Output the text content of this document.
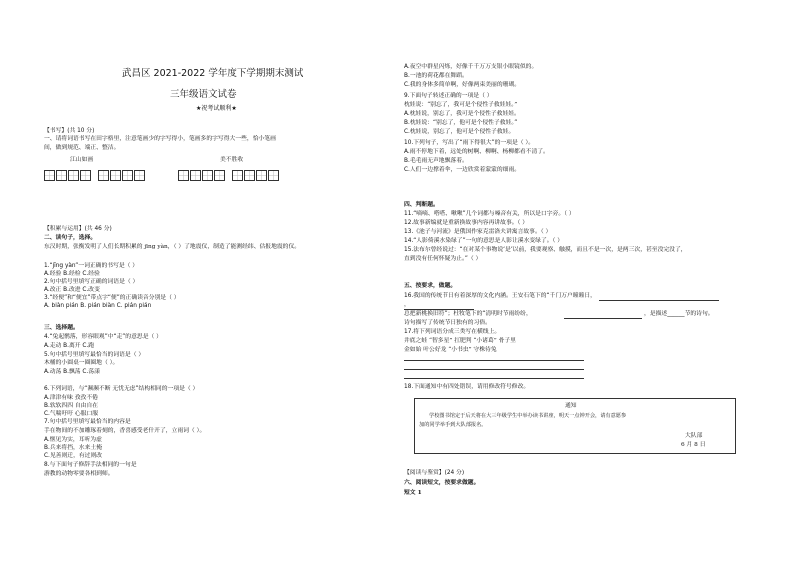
武昌区 2021-2022 学年度下学期期末测试
三年级语文试卷
★祝考试顺利★
江山如画	美不胜收
【书写】(共 10 分)
一、请将词语书写在田字格里，注意笔画少的字写得小，笔画多的字写得大一些，恰小笔画
间，做到规范、端正、整洁。
【积累与运用】(共 46 分)
二、读句子，选择。
东汉时期，张衡发明了人们长期积累的 jīng yàn，（ ）了地震仪，制造了能测经纬、估报地震的仪。
1.“jīng yàn”一词正确的书写是（ ）
A.经验 B.经检 C.经验
2.句中括号里填写正确的词语是（ ）
A.改正 B.改进 C.改变
3.“经便”和“便宜”带点字“便”的正确读音分别是（ ）
A. biàn pián B. pián biàn C. pián pián
三、选择题。
4.“兔起鹘落，形容眼观”中“走”的意思是（ ）
A.走动 B.离开 C.跑
5.句中括号里填写最恰当的词语是（ ）
木桶的小圆桌一圈圈地（ ）。
A.动荡 B.飘荡 C.荡漾
6.下列词语，与“濒濒不断 无忧无虑”结构相同的一项是（ ）
A.津津有味 孜孜不倦
B.软软四四 自由自在
C.气喘吁吁 心服口服
7.句中括号里填写最恰当的内容是
手在物间的不加雕琢着刻的，香喜感受老什开了，立雨词（ ）。
A.惬见为实，耳听为虚
B.兵来将挡，水来土掩
C.见善则迁，有过则改
8.与下面句子修辞手法相同的一句是
游教的动物零要各相到师。
通知
学校图书馆定于后天将在大三年级学生中举办读书讲座，明天一点钟开会，请有意愿参
加的同学举手到大队部报名。
大队部
6 月 8 日
A.夜空中群星闪烁，好像千千万万支银小眼镜似的。
B.一池的荷花都在舞蹈。
C.我的身体多简单啊，好像两束美丽的珊瑚。
9.下面句子转述正确的一项是（ ）
枕娃说：“别忘了，我可是个侵性子救娃娃。”
A.枕娃说，别忘了，我可是个侵性子救娃娃。
B.枕娃说：“别忘了，他可是个侵性子救娃。”
C.枕娃说，别忘了，他可是个侵性子救娃。
10.下列句子，写出了“雨下得很大”的一项是（ ）。
A.雨不停地下着，远处的树啊、柳啊、杨柳都看不清了。
B.毛毛雨无声地飘落着。
C.人们一边撑着伞，一边欣赏着蒙蒙的细雨。
四、判断题。
11.“嘀嘀、嗒嗒、啾啾”几个词都与嗓音有关，所以是口字旁。（ ）
12.故事新编就是重新换故事内容再讲故事。（ ）
13.《池子与河流》是俄国作家克雷洛夫讲寓言故事。（ ）
14.“人影倚溪水染绿了”一句的意思是人影让溪水变绿了。（ ）
15.法布尔曾经说过：“在对某个事物说‘是’以前，我要观察、触摸，而且不是一次，是两三次，甚至没完没了，
直到没有任何怀疑为止。”（ ）
五、按要求，做题。
16.我国的传统节日有着深厚的文化内涵。王安石笔下的“千门万户曈曈日，
，
总把新桃换旧符”；杜牧笔下的“清明时节雨纷纷，	，是描述______节的诗句。
诗句描写了传统节日独有的习俗。
17.将下列词语分成三类写在横线上。
井底之蛙 “智多星” 扛肥判 “小诸葛” 骨子里
金如始 叶公好龙 “小书虫” 守株待兔
18.下面通知中有四处错误，请用修改符号修改。
【阅读与鉴赏】(24 分)
六、阅读短文，按要求做题。
短文 1
